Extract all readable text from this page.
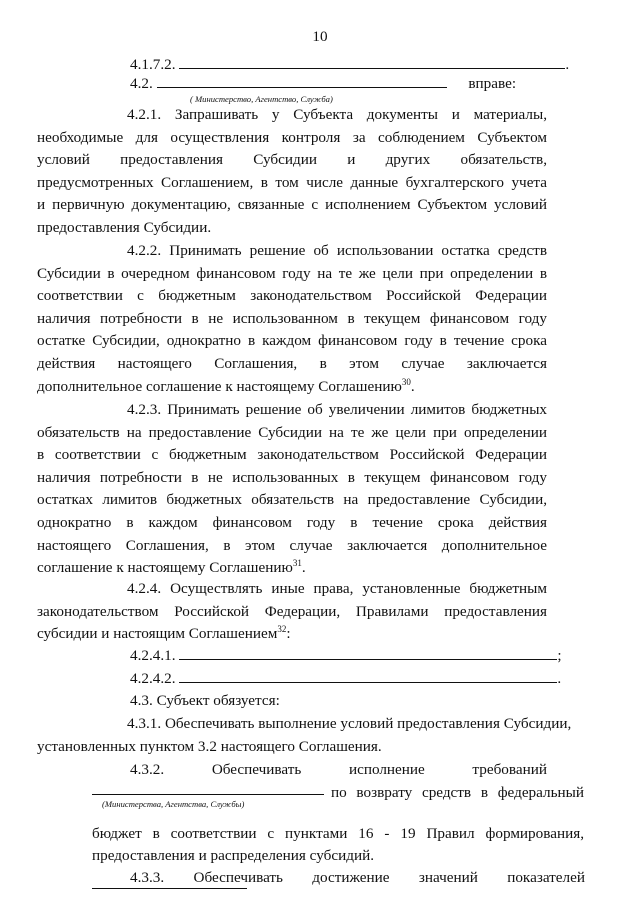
10
4.1.7.2.	.
4.2.	вправе:
( Министерство, Агентство, Служба)
4.2.1. Запрашивать у Субъекта документы и материалы,
необходимые для осуществления контроля за соблюдением Субъектом
условий предоставления Субсидии и других обязательств,
предусмотренных Соглашением, в том числе данные бухгалтерского учета
и первичную документацию, связанные с исполнением Субъектом условий
предоставления Субсидии.
4.2.2. Принимать решение об использовании остатка средств
Субсидии в очередном финансовом году на те же цели при определении в
соответствии с бюджетным законодательством Российской Федерации
наличия потребности в не использованном в текущем финансовом году
остатке Субсидии, однократно в каждом финансовом году в течение срока
действия настоящего Соглашения, в этом случае заключается
дополнительное соглашение к настоящему Соглашению$^{30}$.
4.2.3. Принимать решение об увеличении лимитов бюджетных
обязательств на предоставление Субсидии на те же цели при определении
в соответствии с бюджетным законодательством Российской Федерации
наличия потребности в не использованных в текущем финансовом году
остатках лимитов бюджетных обязательств на предоставление Субсидии,
однократно в каждом финансовом году в течение срока действия
настоящего Соглашения, в этом случае заключается дополнительное
соглашение к настоящему Соглашению$^{31}$.
4.2.4. Осуществлять иные права, установленные бюджетным
законодательством Российской Федерации, Правилами предоставления
субсидии и настоящим Соглашением$^{32}$:
4.2.4.1.	;
4.2.4.2.	.
4.3. Субъект обязуется:
4.3.1. Обеспечивать выполнение условий предоставления Субсидии,
установленных пунктом 3.2 настоящего Соглашения.
4.3.2. Обеспечивать исполнение требований
по возврату средств в федеральный
(Министерства, Агентства, Службы)
бюджет в соответствии с пунктами 16 - 19 Правил формирования,
предоставления и распределения субсидий.
4.3.3. Обеспечивать достижение значений показателей
